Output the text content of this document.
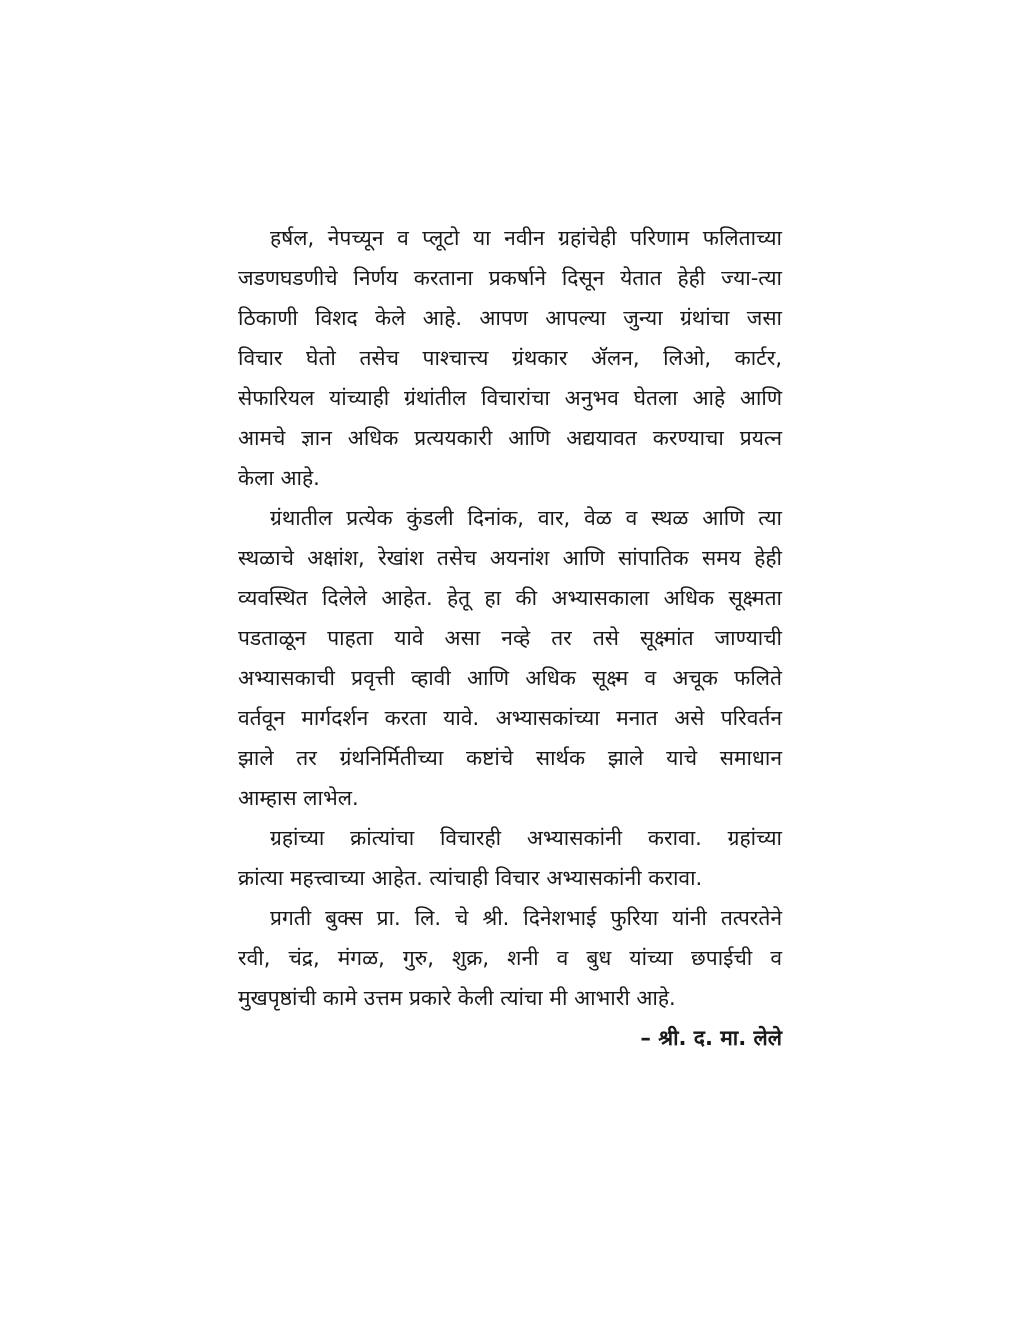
हर्षल, नेपच्यून व प्लूटो या नवीन ग्रहांचेही परिणाम फलिताच्या
जडणघडणीचे निर्णय करताना प्रकर्षाने दिसून येतात हेही ज्या-त्या
ठिकाणी विशद केले आहे. आपण आपल्या जुन्या ग्रंथांचा जसा
विचार घेतो तसेच पाश्चात्त्य ग्रंथकार ॲलन, लिओ, कार्टर,
सेफारियल यांच्याही ग्रंथांतील विचारांचा अनुभव घेतला आहे आणि
आमचे ज्ञान अधिक प्रत्ययकारी आणि अद्ययावत करण्याचा प्रयत्न
केला आहे.
ग्रंथातील प्रत्येक कुंडली दिनांक, वार, वेळ व स्थळ आणि त्या
स्थळाचे अक्षांश, रेखांश तसेच अयनांश आणि सांपातिक समय हेही
व्यवस्थित दिलेले आहेत. हेतू हा की अभ्यासकाला अधिक सूक्ष्मता
पडताळून पाहता यावे असा नव्हे तर तसे सूक्ष्मांत जाण्याची
अभ्यासकाची प्रवृत्ती व्हावी आणि अधिक सूक्ष्म व अचूक फलिते
वर्तवून मार्गदर्शन करता यावे. अभ्यासकांच्या मनात असे परिवर्तन
झाले तर ग्रंथनिर्मितीच्या कष्टांचे सार्थक झाले याचे समाधान
आम्हास लाभेल.
ग्रहांच्या क्रांत्यांचा विचारही अभ्यासकांनी करावा. ग्रहांच्या
क्रांत्या महत्त्वाच्या आहेत. त्यांचाही विचार अभ्यासकांनी करावा.
प्रगती बुक्स प्रा. लि. चे श्री. दिनेशभाई फुरिया यांनी तत्परतेने
रवी, चंद्र, मंगळ, गुरु, शुक्र, शनी व बुध यांच्या छपाईची व
मुखपृष्ठांची कामे उत्तम प्रकारे केली त्यांचा मी आभारी आहे.
– श्री. द. मा. लेले
